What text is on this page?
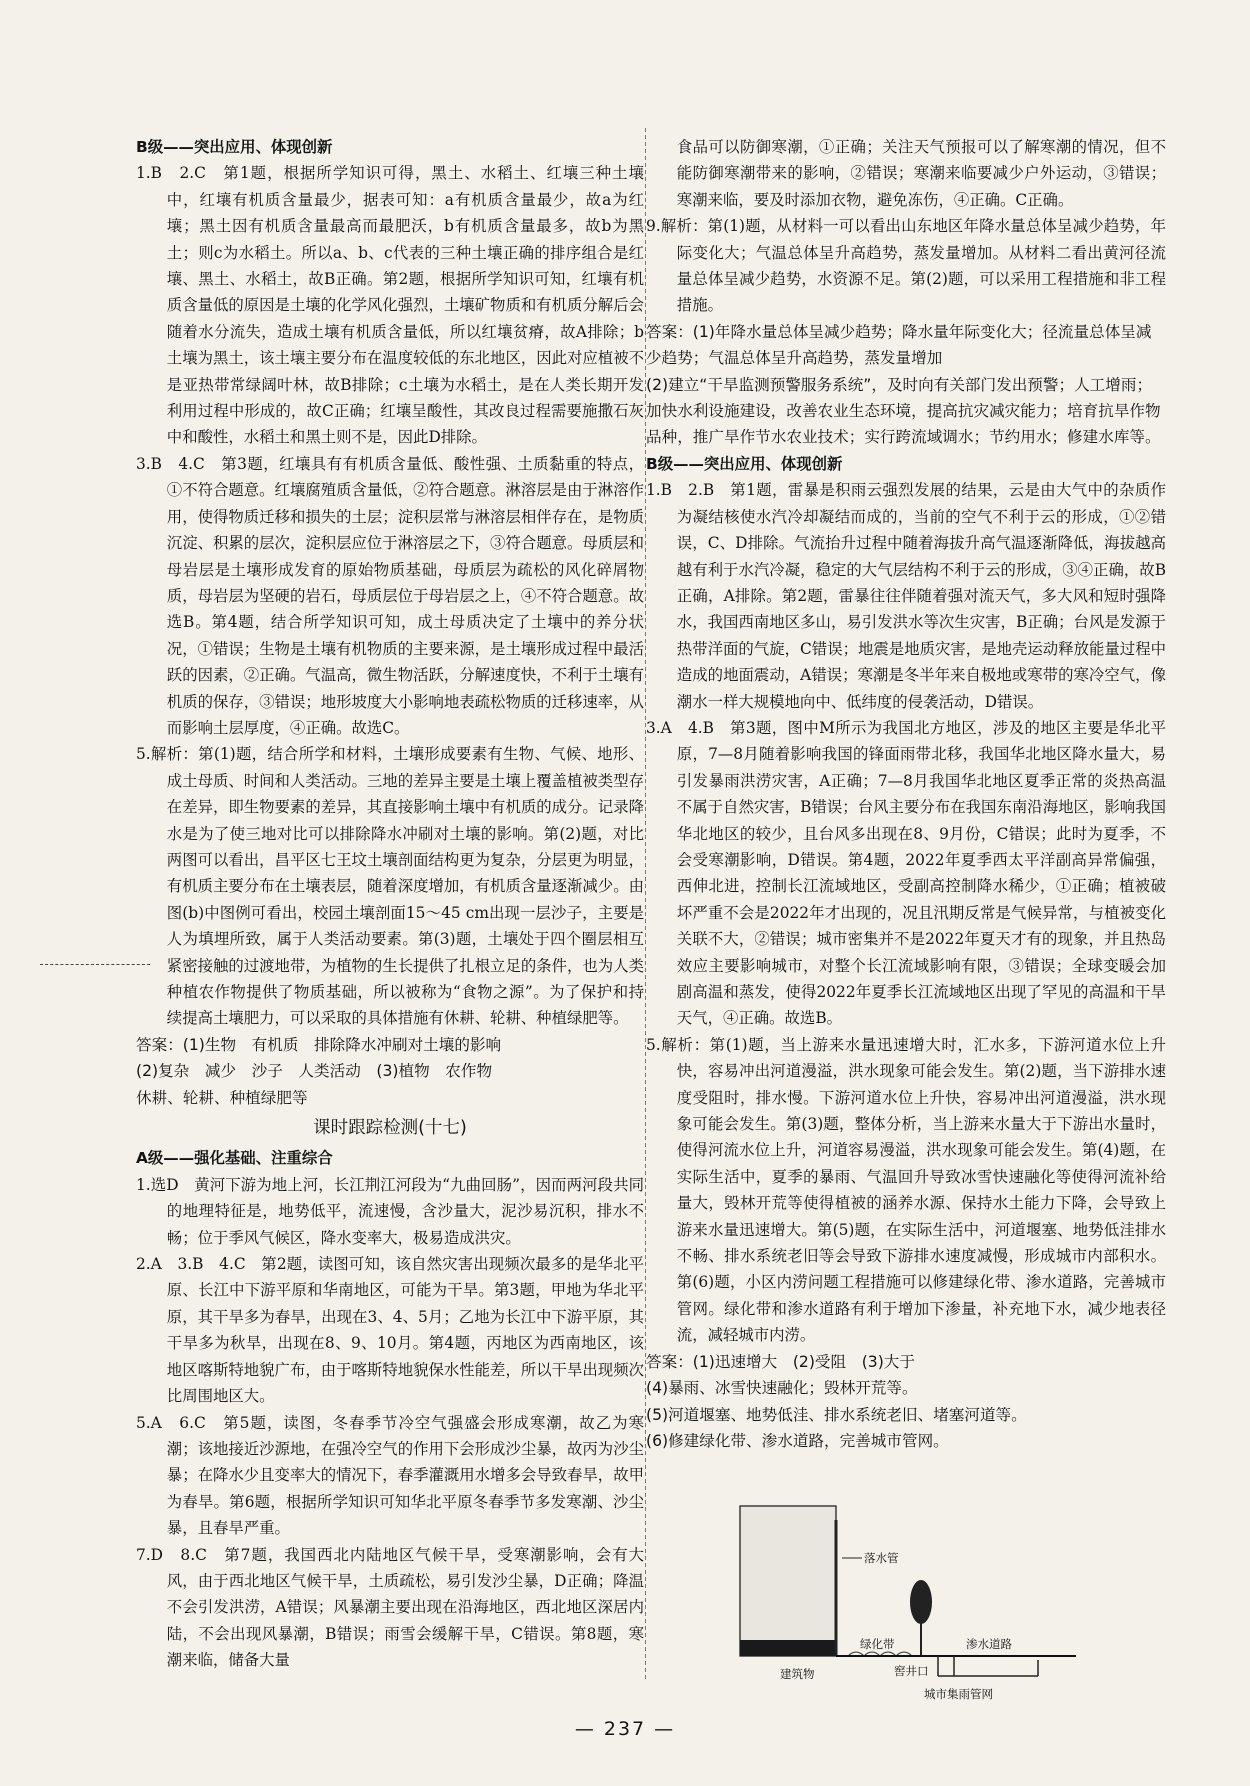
B级——突出应用、体现创新

1.B　2.C　第1题，根据所学知识可得，黑土、水稻土、红壤三种土壤中，红壤有机质含量最少，据表可知：a有机质含量最少，故a为红壤；黑土因有机质含量最高而最肥沃，b有机质含量最多，故b为黑土；则c为水稻土。所以a、b、c代表的三种土壤正确的排序组合是红壤、黑土、水稻土，故B正确。第2题，根据所学知识可知，红壤有机质含量低的原因是土壤的化学风化强烈，土壤矿物质和有机质分解后会随着水分流失，造成土壤有机质含量低，所以红壤贫瘠，故A排除；b土壤为黑土，该土壤主要分布在温度较低的东北地区，因此对应植被不是亚热带常绿阔叶林，故B排除；c土壤为水稻土，是在人类长期开发利用过程中形成的，故C正确；红壤呈酸性，其改良过程需要施撒石灰中和酸性，水稻土和黑土则不是，因此D排除。

3.B　4.C　第3题，红壤具有有机质含量低、酸性强、土质黏重的特点，①不符合题意。红壤腐殖质含量低，②符合题意。淋溶层是由于淋溶作用，使得物质迁移和损失的土层；淀积层常与淋溶层相伴存在，是物质沉淀、积累的层次，淀积层应位于淋溶层之下，③符合题意。母质层和母岩层是土壤形成发育的原始物质基础，母质层为疏松的风化碎屑物质，母岩层为坚硬的岩石，母质层位于母岩层之上，④不符合题意。故选B。第4题，结合所学知识可知，成土母质决定了土壤中的养分状况，①错误；生物是土壤有机物质的主要来源，是土壤形成过程中最活跃的因素，②正确。气温高，微生物活跃，分解速度快，不利于土壤有机质的保存，③错误；地形坡度大小影响地表疏松物质的迁移速率，从而影响土层厚度，④正确。故选C。

5.解析：第(1)题，结合所学和材料，土壤形成要素有生物、气候、地形、成土母质、时间和人类活动。三地的差异主要是土壤上覆盖植被类型存在差异，即生物要素的差异，其直接影响土壤中有机质的成分。记录降水是为了使三地对比可以排除降水冲刷对土壤的影响。第(2)题，对比两图可以看出，昌平区七王坟土壤剖面结构更为复杂，分层更为明显，有机质主要分布在土壤表层，随着深度增加，有机质含量逐渐减少。由图(b)中图例可看出，校园土壤剖面15～45 cm出现一层沙子，主要是人为填埋所致，属于人类活动要素。第(3)题，土壤处于四个圈层相互紧密接触的过渡地带，为植物的生长提供了扎根立足的条件，也为人类种植农作物提供了物质基础，所以被称为“食物之源”。为了保护和持续提高土壤肥力，可以采取的具体措施有休耕、轮耕、种植绿肥等。

答案：(1)生物　有机质　排除降水冲刷对土壤的影响

(2)复杂　减少　沙子　人类活动　(3)植物　农作物

休耕、轮耕、种植绿肥等

课时跟踪检测(十七)

A级——强化基础、注重综合

1.选D　黄河下游为地上河，长江荆江河段为“九曲回肠”，因而两河段共同的地理特征是，地势低平，流速慢，含沙量大，泥沙易沉积，排水不畅；位于季风气候区，降水变率大，极易造成洪灾。

2.A　3.B　4.C　第2题，读图可知，该自然灾害出现频次最多的是华北平原、长江中下游平原和华南地区，可能为干旱。第3题，甲地为华北平原，其干旱多为春旱，出现在3、4、5月；乙地为长江中下游平原，其干旱多为秋旱，出现在8、9、10月。第4题，丙地区为西南地区，该地区喀斯特地貌广布，由于喀斯特地貌保水性能差，所以干旱出现频次比周围地区大。

5.A　6.C　第5题，读图，冬春季节冷空气强盛会形成寒潮，故乙为寒潮；该地接近沙源地，在强冷空气的作用下会形成沙尘暴，故丙为沙尘暴；在降水少且变率大的情况下，春季灌溉用水增多会导致春旱，故甲为春旱。第6题，根据所学知识可知华北平原冬春季节多发寒潮、沙尘暴，且春旱严重。

7.D　8.C　第7题，我国西北内陆地区气候干旱，受寒潮影响，会有大风，由于西北地区气候干旱，土质疏松，易引发沙尘暴，D正确；降温不会引发洪涝，A错误；风暴潮主要出现在沿海地区，西北地区深居内陆，不会出现风暴潮，B错误；雨雪会缓解干旱，C错误。第8题，寒潮来临，储备大量

食品可以防御寒潮，①正确；关注天气预报可以了解寒潮的情况，但不能防御寒潮带来的影响，②错误；寒潮来临要减少户外运动，③错误；寒潮来临，要及时添加衣物，避免冻伤，④正确。C正确。

9.解析：第(1)题，从材料一可以看出山东地区年降水量总体呈减少趋势，年际变化大；气温总体呈升高趋势，蒸发量增加。从材料二看出黄河径流量总体呈减少趋势，水资源不足。第(2)题，可以采用工程措施和非工程措施。

答案：(1)年降水量总体呈减少趋势；降水量年际变化大；径流量总体呈减少趋势；气温总体呈升高趋势，蒸发量增加

(2)建立“干旱监测预警服务系统”，及时向有关部门发出预警；人工增雨；加快水利设施建设，改善农业生态环境，提高抗灾减灾能力；培育抗旱作物品种，推广旱作节水农业技术；实行跨流域调水；节约用水；修建水库等。

B级——突出应用、体现创新

1.B　2.B　第1题，雷暴是积雨云强烈发展的结果，云是由大气中的杂质作为凝结核使水汽冷却凝结而成的，当前的空气不利于云的形成，①②错误，C、D排除。气流抬升过程中随着海拔升高气温逐渐降低，海拔越高越有利于水汽冷凝，稳定的大气层结构不利于云的形成，③④正确，故B正确，A排除。第2题，雷暴往往伴随着强对流天气，多大风和短时强降水，我国西南地区多山，易引发洪水等次生灾害，B正确；台风是发源于热带洋面的气旋，C错误；地震是地质灾害，是地壳运动释放能量过程中造成的地面震动，A错误；寒潮是冬半年来自极地或寒带的寒冷空气，像潮水一样大规模地向中、低纬度的侵袭活动，D错误。

3.A　4.B　第3题，图中M所示为我国北方地区，涉及的地区主要是华北平原，7—8月随着影响我国的锋面雨带北移，我国华北地区降水量大，易引发暴雨洪涝灾害，A正确；7—8月我国华北地区夏季正常的炎热高温不属于自然灾害，B错误；台风主要分布在我国东南沿海地区，影响我国华北地区的较少，且台风多出现在8、9月份，C错误；此时为夏季，不会受寒潮影响，D错误。第4题，2022年夏季西太平洋副高异常偏强，西伸北进，控制长江流域地区，受副高控制降水稀少，①正确；植被破坏严重不会是2022年才出现的，况且汛期反常是气候异常，与植被变化关联不大，②错误；城市密集并不是2022年夏天才有的现象，并且热岛效应主要影响城市，对整个长江流域影响有限，③错误；全球变暖会加剧高温和蒸发，使得2022年夏季长江流域地区出现了罕见的高温和干旱天气，④正确。故选B。

5.解析：第(1)题，当上游来水量迅速增大时，汇水多，下游河道水位上升快，容易冲出河道漫溢，洪水现象可能会发生。第(2)题，当下游排水速度受阻时，排水慢。下游河道水位上升快，容易冲出河道漫溢，洪水现象可能会发生。第(3)题，整体分析，当上游来水量大于下游出水量时，使得河流水位上升，河道容易漫溢，洪水现象可能会发生。第(4)题，在实际生活中，夏季的暴雨、气温回升导致冰雪快速融化等使得河流补给量大，毁林开荒等使得植被的涵养水源、保持水土能力下降，会导致上游来水量迅速增大。第(5)题，在实际生活中，河道堰塞、地势低洼排水不畅、排水系统老旧等会导致下游排水速度减慢，形成城市内部积水。第(6)题，小区内涝问题工程措施可以修建绿化带、渗水道路，完善城市管网。绿化带和渗水道路有利于增加下渗量，补充地下水，减少地表径流，减轻城市内涝。

答案：(1)迅速增大　(2)受阻　(3)大于

(4)暴雨、冰雪快速融化；毁林开荒等。

(5)河道堰塞、地势低洼、排水系统老旧、堵塞河道等。

(6)修建绿化带、渗水道路，完善城市管网。

落水管
绿化带	渗水道路
建筑物	窖井口
城市集雨管网
— 237 —
